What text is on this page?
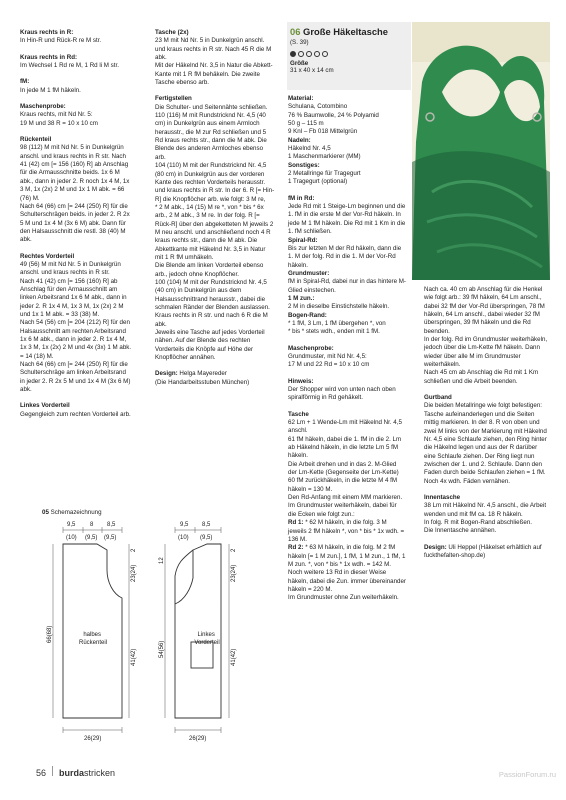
Kraus rechts in R:

In Hin-R und Rück-R re M str.

Kraus rechts in Rd:

Im Wechsel 1 Rd re M, 1 Rd li M str.

fM:

In jede M 1 fM häkeln.

Maschenprobe:

Kraus rechts, mit Nd Nr. 5:
19 M und 38 R = 10 x 10 cm

Rückenteil

98 (112) M mit Nd Nr. 5 in Dunkelgrün anschl. und kraus rechts in R str. Nach 41 (42) cm [= 156 (160) R] ab Anschlag für die Armausschnitte beids. 1x 6 M abk., dann in jeder 2. R noch 1x 4 M, 1x 3 M, 1x (2x) 2 M und 1x 1 M abk. = 66 (76) M.
Nach 64 (66) cm [= 244 (250) R] für die Schulterschrägen beids. in jeder 2. R 2x 5 M und 1x 4 M (3x 6 M) abk. Dann für den Halsausschnitt die restl. 38 (40) M abk.

Rechtes Vorderteil

49 (56) M mit Nd Nr. 5 in Dunkelgrün anschl. und kraus rechts in R str.
Nach 41 (42) cm [= 156 (160) R] ab Anschlag für den Armausschnitt am linken Arbeitsrand 1x 6 M abk., dann in jeder 2. R 1x 4 M, 1x 3 M, 1x (2x) 2 M und 1x 1 M abk. = 33 (38) M.
Nach 54 (56) cm [= 204 (212) R] für den Halsausschnitt am rechten Arbeitsrand 1x 6 M abk., dann in jeder 2. R 1x 4 M, 1x 3 M, 1x (2x) 2 M und 4x (3x) 1 M abk. = 14 (18) M.
Nach 64 (66) cm [= 244 (250) R] für die Schulterschräge am linken Arbeitsrand in jeder 2. R 2x 5 M und 1x 4 M (3x 6 M) abk.

Linkes Vorderteil

Gegengleich zum rechten Vorderteil arb.

Tasche (2x)

23 M mit Nd Nr. 5 in Dunkelgrün anschl. und kraus rechts in R str. Nach 45 R die M abk.
Mit der Häkelnd Nr. 3,5 in Natur die Abkett-Kante mit 1 R fM behäkeln. Die zweite Tasche ebenso arb.

Fertigstellen

Die Schulter- und Seitennähte schließen.
110 (116) M mit Rundstricknd Nr. 4,5 (40 cm) in Dunkelgrün aus einem Armloch herausstr., die M zur Rd schließen und 5 Rd kraus rechts str., dann die M abk. Die Blende des anderen Armloches ebenso arb.
104 (110) M mit der Rundstricknd Nr. 4,5 (80 cm) in Dunkelgrün aus der vorderen Kante des rechten Vorderteils herausstr. und kraus rechts in R str. In der 6. R [= Hin-R] die Knopflöcher arb. wie folgt: 3 M re,
* 2 M abk., 14 (15) M re *, von * bis * 6x arb., 2 M abk., 3 M re. In der folg. R [= Rück-R] über den abgeketteten M jeweils 2 M neu anschl. und anschließend noch 4 R kraus rechts str., dann die M abk. Die Abkettkante mit Häkelnd Nr. 3,5 in Natur mit 1 R fM umhäkeln.
Die Blende am linken Vorderteil ebenso arb., jedoch ohne Knopflöcher.
100 (104) M mit der Rundstricknd Nr. 4,5 (40 cm) in Dunkelgrün aus dem Halsausschnittrand herausstr., dabei die schmalen Ränder der Blenden auslassen. Kraus rechts in R str. und nach 6 R die M abk.
Jeweils eine Tasche auf jedes Vorderteil nähen. Auf der Blende des rechten Vorderteils die Knöpfe auf Höhe der Knopflöcher annähen.

Design: Helga Mayereder
(Die Handarbeitsstuben München)

06 Große Häkeltasche
(S. 39)
Größe
31 x 40 x 14 cm

Material:

Schulana, Cotombino
76 % Baumwolle, 24 % Polyamid
50 g – 115 m
9 Knl – Fb 018 Mittelgrün

Nadeln:

Häkelnd Nr. 4,5
1 Maschenmarkierer (MM)

Sonstiges:

2 Metallringe für Tragegurt
1 Tragegurt (optional)

fM in Rd:

Jede Rd mit 1 Steige-Lm beginnen und die 1. fM in die erste M der Vor-Rd häkeln. In jede M 1 fM häkeln. Die Rd mit 1 Km in die 1. fM schließen.

Spiral-Rd:

Bis zur letzten M der Rd häkeln, dann die 1. M der folg. Rd in die 1. M der Vor-Rd häkeln.

Grundmuster:

fM in Spiral-Rd, dabei nur in das hintere M-Glied einstechen.

1 M zun.:

2 M in dieselbe Einstichstelle häkeln.

Bogen-Rand:

* 1 fM, 3 Lm, 1 fM übergehen *, von
* bis * stets wdh., enden mit 1 fM.

Maschenprobe:

Grundmuster, mit Nd Nr. 4,5:
17 M und 22 Rd = 10 x 10 cm

Hinweis:

Der Shopper wird von unten nach oben spiralförmig in Rd gehäkelt.

Tasche

62 Lm + 1 Wende-Lm mit Häkelnd Nr. 4,5 anschl.
61 fM häkeln, dabei die 1. fM in die 2. Lm ab Häkelnd häkeln, in die letzte Lm 5 fM häkeln.
Die Arbeit drehen und in das 2. M-Glied der Lm-Kette (Gegenseite der Lm-Kette) 60 fM zurückhäkeln, in die letzte M 4 fM häkeln = 130 M.
Den Rd-Anfang mit einem MM markieren.
Im Grundmuster weiterhäkeln, dabei für die Ecken wie folgt zun.:

Rd 1: * 62 M häkeln, in die folg. 3 M jeweils 2 fM häkeln *, von * bis * 1x wdh. = 136 M.

Rd 2: * 63 M häkeln, in die folg. M 2 fM häkeln [= 1 M zun.], 1 fM, 1 M zun., 1 fM, 1 M zun. *, von * bis * 1x wdh. = 142 M.
Noch weitere 13 Rd in dieser Weise häkeln, dabei die Zun. immer übereinander häkeln = 220 M.
Im Grundmuster ohne Zun weiterhäkeln.

Nach ca. 40 cm ab Anschlag für die Henkel wie folgt arb.: 39 fM häkeln, 64 Lm anschl., dabei 32 fM der Vor-Rd überspringen, 78 fM häkeln, 64 Lm anschl., dabei wieder 32 fM überspringen, 39 fM häkeln und die Rd beenden.
In der folg. Rd im Grundmuster weiterhäkeln, jedoch über die Lm-Kette fM häkeln. Dann wieder über alle M im Grundmuster weiterhäkeln.
Nach 45 cm ab Anschlag die Rd mit 1 Km schließen und die Arbeit beenden.

Gurtband

Die beiden Metallringe wie folgt befestigen: Tasche aufeinanderlegen und die Seiten mittig markieren. In der 8. R von oben und zwei M links von der Markierung mit Häkelnd Nr. 4,5 eine Schlaufe ziehen, den Ring hinter die Häkelnd legen und aus der R darüber eine Schlaufe ziehen. Der Ring liegt nun zwischen der 1. und 2. Schlaufe. Dann den Faden durch beide Schlaufen ziehen = 1 fM. Noch 4x wdh. Fäden vernähen.

Innentasche

38 Lm mit Häkelnd Nr. 4,5 anschl., die Arbeit wenden und mit fM ca. 18 R häkeln.
In folg. R mit Bogen-Rand abschließen.
Die Innentasche annähen.

Design: Uli Heppel (Häkelset erhältlich auf fuckthefalten-shop.de)

05 Schemazeichnung
9,5 8 8,5
(10) (9,5) (9,5)
9,5 8,5
(10) (9,5)
66(68)
2
23(24)
41(42)
12
54(56)
2
23(24)
41(42)
26(29)	26(29)
halbes Rückenteil
Linkes Vorderteil
56 burdastricken	PassionForum.ru
